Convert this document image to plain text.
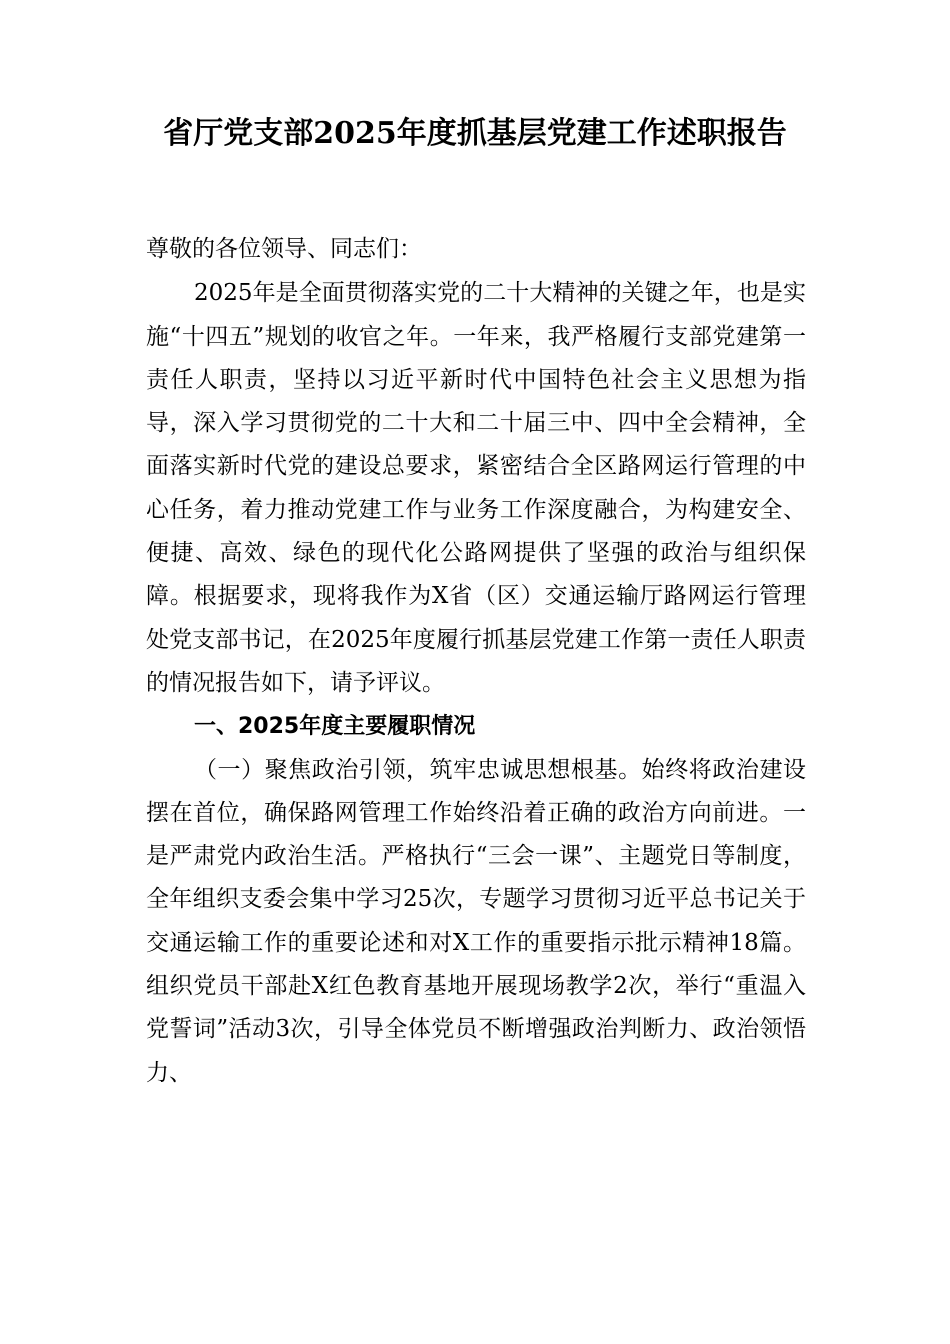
省厅党支部2025年度抓基层党建工作述职报告

尊敬的各位领导、同志们：

2025年是全面贯彻落实党的二十大精神的关键之年，也是实施“十四五”规划的收官之年。一年来，我严格履行支部党建第一责任人职责，坚持以习近平新时代中国特色社会主义思想为指导，深入学习贯彻党的二十大和二十届三中、四中全会精神，全面落实新时代党的建设总要求，紧密结合全区路网运行管理的中心任务，着力推动党建工作与业务工作深度融合，为构建安全、便捷、高效、绿色的现代化公路网提供了坚强的政治与组织保障。根据要求，现将我作为X省（区）交通运输厅路网运行管理处党支部书记，在2025年度履行抓基层党建工作第一责任人职责的情况报告如下，请予评议。

一、2025年度主要履职情况

（一）聚焦政治引领，筑牢忠诚思想根基。始终将政治建设摆在首位，确保路网管理工作始终沿着正确的政治方向前进。一是严肃党内政治生活。严格执行“三会一课”、主题党日等制度，全年组织支委会集中学习25次，专题学习贯彻习近平总书记关于交通运输工作的重要论述和对X工作的重要指示批示精神18篇。组织党员干部赴X红色教育基地开展现场教学2次，举行“重温入党誓词”活动3次，引导全体党员不断增强政治判断力、政治领悟力、
